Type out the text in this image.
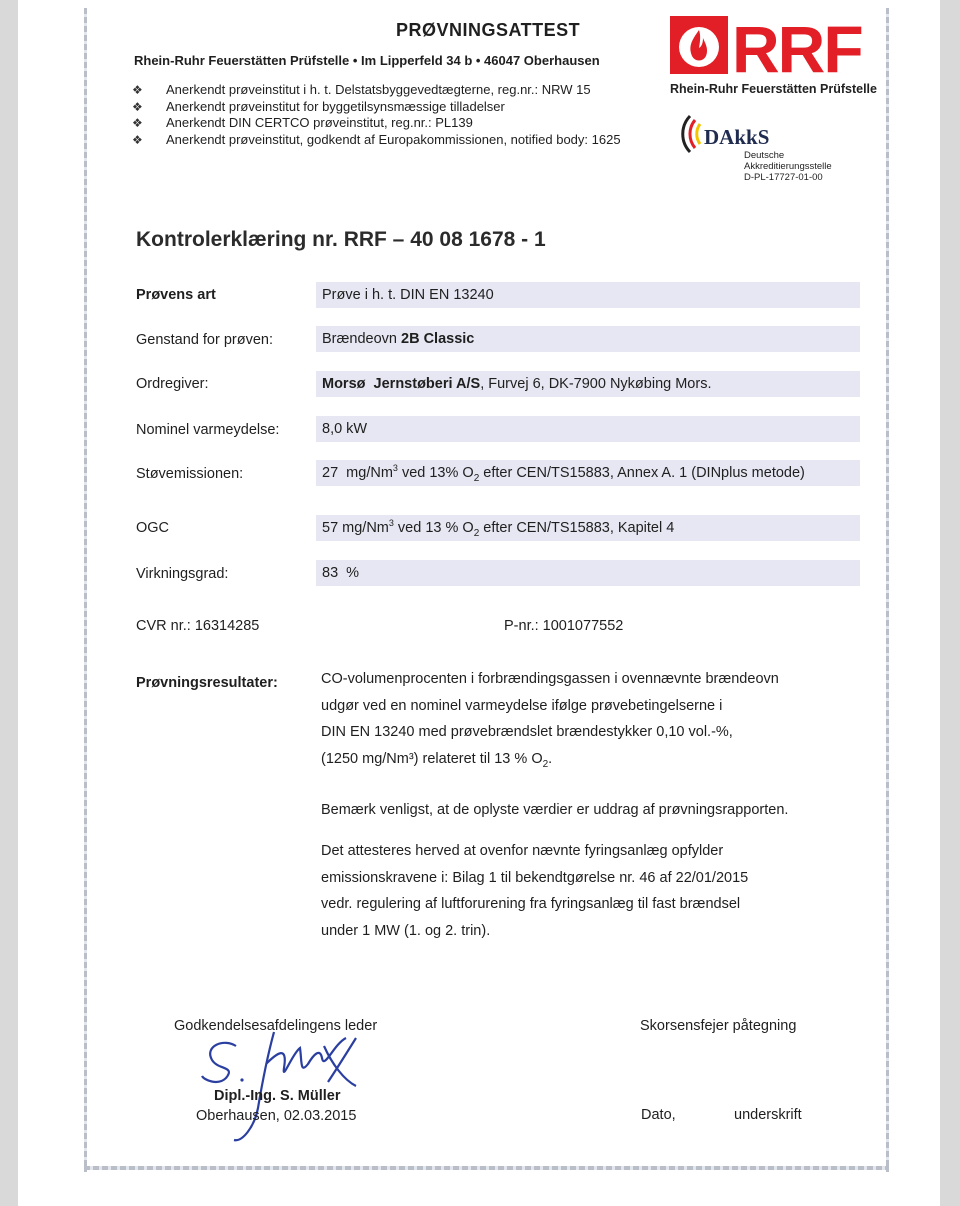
PRØVNINGSATTEST
Rhein-Ruhr Feuerstätten Prüfstelle • Im Lipperfeld 34 b • 46047 Oberhausen
❖	Anerkendt prøveinstitut i h. t. Delstatsbyggevedtægterne, reg.nr.: NRW 15
❖	Anerkendt prøveinstitut for byggetilsynsmæssige tilladelser
❖	Anerkendt DIN CERTCO prøveinstitut, reg.nr.: PL139
❖	Anerkendt prøveinstitut, godkendt af Europakommissionen, notified body: 1625
RRF
Rhein-Ruhr Feuerstätten Prüfstelle
DAkkS
Deutsche
Akkreditierungsstelle
D-PL-17727-01-00
Kontrolerklæring nr. RRF – 40 08 1678 - 1
Prøvens art	Prøve i h. t. DIN EN 13240
Genstand for prøven:	Brændeovn 2B Classic
Ordregiver:	Morsø  Jernstøberi A/S, Furvej 6, DK-7900 Nykøbing Mors.
Nominel varmeydelse:	8,0 kW
Støvemissionen:	27  mg/Nm$^3$ ved 13% $O_2$ efter CEN/TS15883, Annex A. 1 (DINplus metode)
OGC	57 mg/Nm$^3$ ved 13 % $O_2$ efter CEN/TS15883, Kapitel 4
Virkningsgrad:	83  %
CVR nr.: 16314285	P-nr.: 1001077552
Prøvningsresultater:	CO-volumenprocenten i forbrændingsgassen i ovennævnte brændeovn
udgør ved en nominel varmeydelse ifølge prøvebetingelserne i
DIN EN 13240 med prøvebrændslet brændestykker 0,10 vol.-%,
(1250 mg/Nm³) relateret til 13 % $O_2$.
Bemærk venligst, at de oplyste værdier er uddrag af prøvningsrapporten.
Det attesteres herved at ovenfor nævnte fyringsanlæg opfylder
emissionskravene i: Bilag 1 til bekendtgørelse nr. 46 af 22/01/2015
vedr. regulering af luftforurening fra fyringsanlæg til fast brændsel
under 1 MW (1. og 2. trin).
Godkendelsesafdelingens leder
Dipl.-Ing. S. Müller
Oberhausen, 02.03.2015
Skorsensfejer påtegning
Dato,	underskrift
